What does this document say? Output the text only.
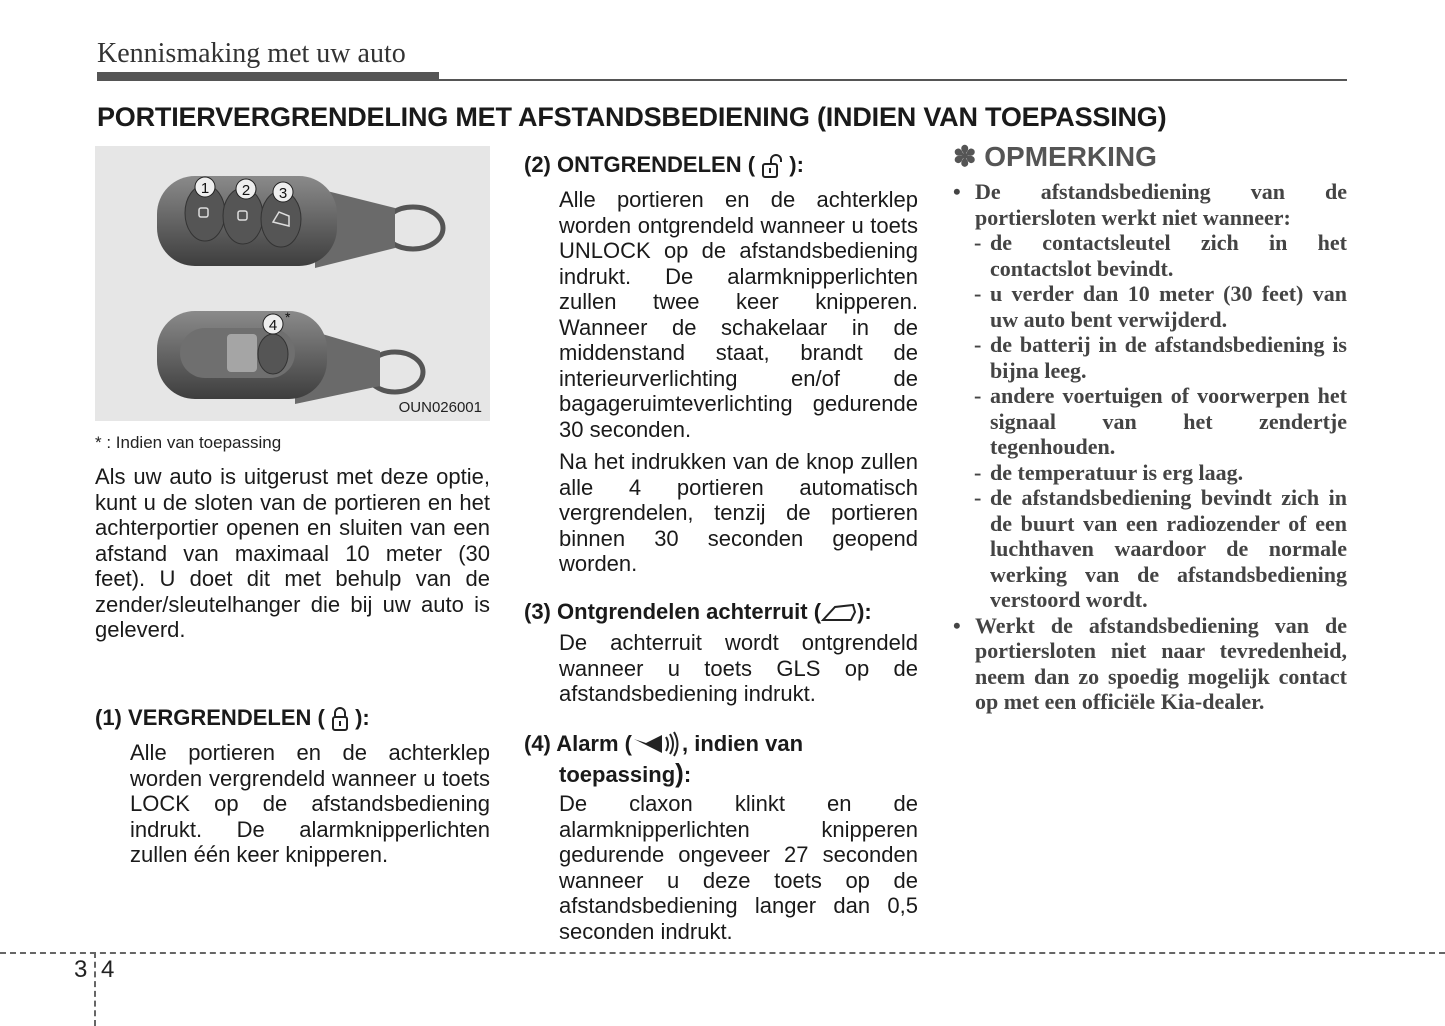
Kennismaking met uw auto
PORTIERVERGRENDELING MET AFSTANDSBEDIENING (INDIEN VAN TOEPASSING)
1 2 3
4 *
OUN026001
* : Indien van toepassing
Als uw auto is uitgerust met deze optie, kunt u de sloten van de portieren en het achterportier openen en sluiten van een afstand van maximaal 10 meter (30 feet). U doet dit met behulp van de zender/sleutelhanger die bij uw auto is geleverd.
(1) VERGRENDELEN ( ):
Alle portieren en de achterklep worden vergrendeld wanneer u toets LOCK op de afstandsbediening indrukt. De alarmknipperlichten zullen één keer knipperen.
(2) ONTGRENDELEN ( ):
Alle portieren en de achterklep worden ontgrendeld wanneer u toets UNLOCK op de afstandsbediening indrukt. De alarmknipperlichten zullen twee keer knipperen. Wanneer de schakelaar in de middenstand staat, brandt de interieurverlichting en/of de bagageruimteverlichting gedurende 30 seconden.
Na het indrukken van de knop zullen alle 4 portieren automatisch vergrendelen, tenzij de portieren binnen 30 seconden geopend worden.
(3) Ontgrendelen achterruit ( ):
De achterruit wordt ontgrendeld wanneer u toets GLS op de afstandsbediening indrukt.
(4) Alarm ( , indien van
toepassing):
De claxon klinkt en de alarmknipperlichten knipperen gedurende ongeveer 27 seconden wanneer u deze toets op de afstandsbediening langer dan 0,5 seconden indrukt.
✽ OPMERKING
• De afstandsbediening van de portiersloten werkt niet wanneer:
- de contactsleutel zich in het contactslot bevindt.
- u verder dan 10 meter (30 feet) van uw auto bent verwijderd.
- de batterij in de afstandsbediening is bijna leeg.
- andere voertuigen of voorwerpen het signaal van het zendertje tegenhouden.
- de temperatuur is erg laag.
- de afstandsbediening bevindt zich in de buurt van een radiozender of een luchthaven waardoor de normale werking van de afstandsbediening verstoord wordt.
• Werkt de afstandsbediening van de portiersloten niet naar tevredenheid, neem dan zo spoedig mogelijk contact op met een officiële Kia-dealer.
3 4
